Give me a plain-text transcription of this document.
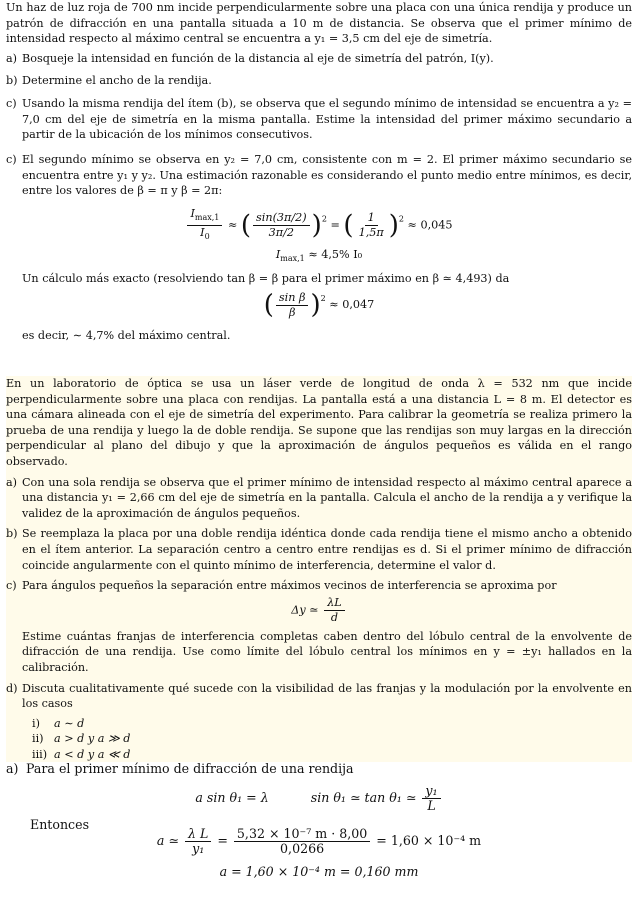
Un haz de luz roja de 700 nm incide perpendicularmente sobre una placa con una única rendija y produce un patrón de difracción en una pantalla situada a 10 m de distancia. Se observa que el primer mínimo de intensidad respecto al máximo central se encuentra a y₁ = 3,5 cm del eje de simetría.

a) Bosqueje la intensidad en función de la distancia al eje de simetría del patrón, I(y).
b) Determine el ancho de la rendija.
c) Usando la misma rendija del ítem (b), se observa que el segundo mínimo de intensidad se encuentra a y₂ = 7,0 cm del eje de simetría en la misma pantalla. Estime la intensidad del primer máximo secundario a partir de la ubicación de los mínimos consecutivos.
c) El segundo mínimo se observa en y₂ = 7,0 cm, consistente con m = 2. El primer máximo secundario se encuentra entre y₁ y y₂. Una estimación razonable es considerando el punto medio entre mínimos, es decir, entre los valores de β = π y β = 2π:
$\frac{I_{max,1}}{I_0}$ ≈ ( $\frac{\sin(3\pi/2)}{3\pi/2} )^2$ = ( $\frac{1}{1,5\pi} )^2 \approx 0,045$
$I_{max,1} \approx 4,5\%$ I₀

Un cálculo más exacto (resolviendo tan β = β para el primer máximo en β ≃ 4,493) da

( $\frac{\text{sin β}}{\beta} )^2 \approx 0,047$

es decir, ∼ 4,7% del máximo central.

En un laboratorio de óptica se usa un láser verde de longitud de onda λ = 532 nm que incide perpendicularmente sobre una placa con rendijas. La pantalla está a una distancia L = 8 m. El detector es una cámara alineada con el eje de simetría del experimento. Para calibrar la geometría se realiza primero la prueba de una rendija y luego la de doble rendija. Se supone que las rendijas son muy largas en la dirección perpendicular al plano del dibujo y que la aproximación de ángulos pequeños es válida en el rango observado.

a) Con una sola rendija se observa que el primer mínimo de intensidad respecto al máximo central aparece a una distancia y₁ = 2,66 cm del eje de simetría en la pantalla. Calcula el ancho de la rendija a y verifique la validez de la aproximación de ángulos pequeños.
b) Se reemplaza la placa por una doble rendija idéntica donde cada rendija tiene el mismo ancho a obtenido en el ítem anterior. La separación centro a centro entre rendijas es d. Si el primer mínimo de difracción coincide angularmente con el quinto mínimo de interferencia, determine el valor d.
c) Para ángulos pequeños la separación entre máximos vecinos de interferencia se aproxima por
Δy ≃ $\frac{\lambda L}{d}$

Estime cuántas franjas de interferencia completas caben dentro del lóbulo central de la envolvente de difracción de una rendija. Use como límite del lóbulo central los mínimos en y = ±y₁ hallados en la calibración.

d) Discuta cualitativamente qué sucede con la visibilidad de las franjas y la modulación por la envolvente en los casos
i)	a ∼ d
ii) a > d y a ≫ d
iii) a < d y a ≪ d
a) Para el primer mínimo de difracción de una rendija
a sin θ₁ = λ	sin θ₁ ≃ tan θ₁ ≃ $\frac{\text{y₁}}{L}$
Entonces
a ≃ $\frac{\text{λ L}}{\text{y₁}} = \frac{\text{5,32 × 10⁻⁷ m · 8,00}}{0,0266} = 1,60 \times 10^{-4}$ m
a = 1,60 × 10⁻⁴ m = 0,160 mm
